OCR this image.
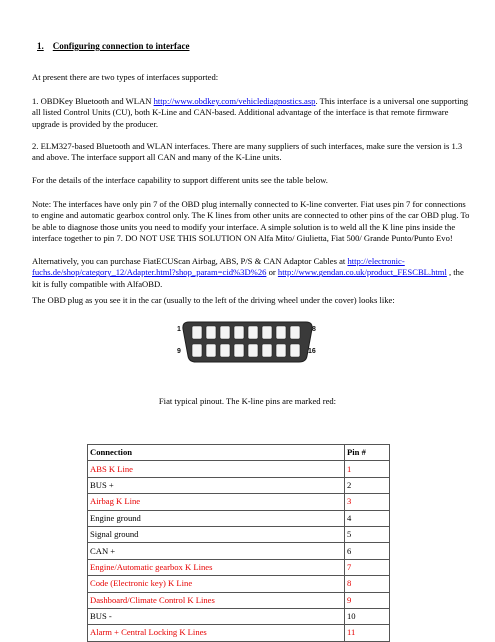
1. Configuring connection to interface

At present there are two types of interfaces supported:

1. OBDKey Bluetooth and WLAN http://www.obdkey.com/vehiclediagnostics.asp. This interface is a universal one supporting all listed Control Units (CU), both K-Line and CAN-based. Additional advantage of the interface is that remote firmware upgrade is provided by the producer.

2. ELM327-based Bluetooth and WLAN interfaces. There are many suppliers of such interfaces, make sure the version is 1.3 and above. The interface support all CAN and many of the K-Line units.

For the details of the interface capability to support different units see the table below.

Note: The interfaces have only pin 7 of the OBD plug internally connected to K-line converter. Fiat uses pin 7 for connections to engine and automatic gearbox control only. The K lines from other units are connected to other pins of the car OBD plug. To be able to diagnose those units you need to modify your interface. A simple solution is to weld all the K line pins inside the interface together to pin 7. DO NOT USE THIS SOLUTION ON Alfa Mito/ Giulietta, Fiat 500/ Grande Punto/Punto Evo!

Alternatively, you can purchase FiatECUScan Airbag, ABS, P/S & CAN Adaptor Cables at http://electronic-fuchs.de/shop/category_12/Adapter.html?shop_param=cid%3D%26 or http://www.gendan.co.uk/product_FESCBL.html , the kit is fully compatible with AlfaOBD.

The OBD plug as you see it in the car (usually to the left of the driving wheel under the cover) looks like:

1	8
9	16
Fiat typical pinout. The K-line pins are marked red:
Connection	Pin #
ABS K Line	1
BUS +	2
Airbag K Line	3
Engine ground	4
Signal ground	5
CAN +	6
Engine/Automatic gearbox K Lines	7
Code (Electronic key) K Line	8
Dashboard/Climate Control K Lines	9
BUS -	10
Alarm + Central Locking K Lines	11
